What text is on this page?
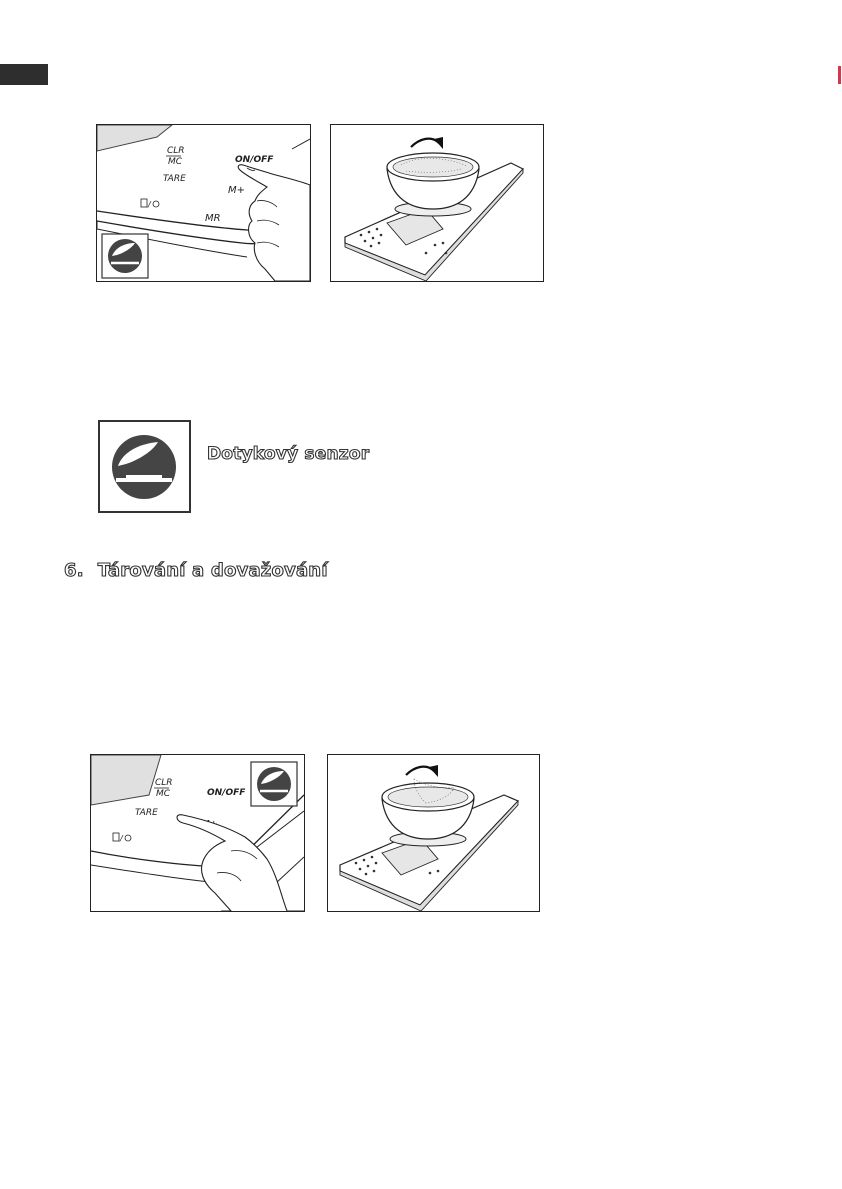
CLR
MC	ON/OFF
TARE
M+
/
MR
Dotykový senzor
6. Tárování a dovažování
CLR
MC	ON/OFF
TARE
/
